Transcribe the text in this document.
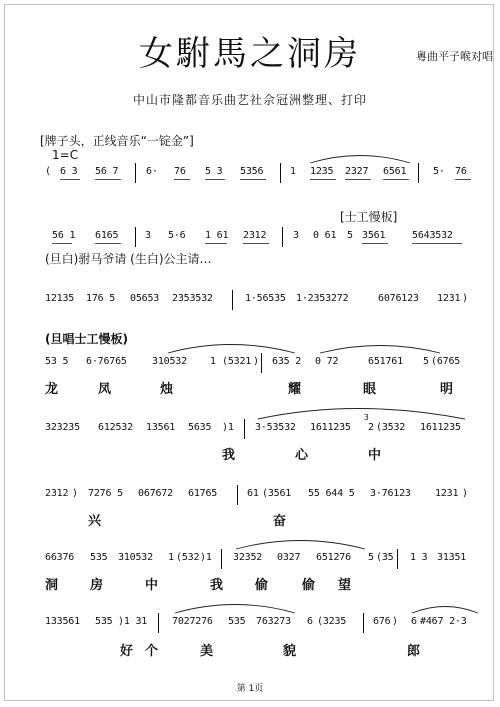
女駙馬之洞房	粵曲平子喉对唱
中山市隆都音乐曲艺社佘冠洲整理、打印
[牌子头，正线音乐“一锭金”]
1=C
( 6 3 56 7	6· 76 5 3 5356	1 1235 2327 6561	5· 76
[士工慢板]
56 1 6165	3 5·6 1 61 2312	3 0 61 5 3561	5643532
(旦白)驸马爷请 (生白)公主请…
12135 176 5 05653 2353532	1·56535 1·2353272	6076123 1231 )
(旦唱士工慢板)
53 5 6·76765	310532 1 (5321 ) 635 2 0 72	651761 5 (6765
龙	凤	烛	耀	眼	明
323235 612532 13561 5635 )1 3·53532 1611235
3
2 (3532 1611235
我	心	中
2312 ) 7276 5 067672 61765	61 (3561 55 644 5 3·76123 1231 )
兴	奋
66376 535 310532 1 (532 )1 32352 0327 651276 5 (35 1 3 31351
洞 房	中	我 偷	偷 望
133561 535 )1 31 7027276 535 763273 6 (3235	676 ) 6 #467 2·3
好 个	美	貌	郎
第 1页
